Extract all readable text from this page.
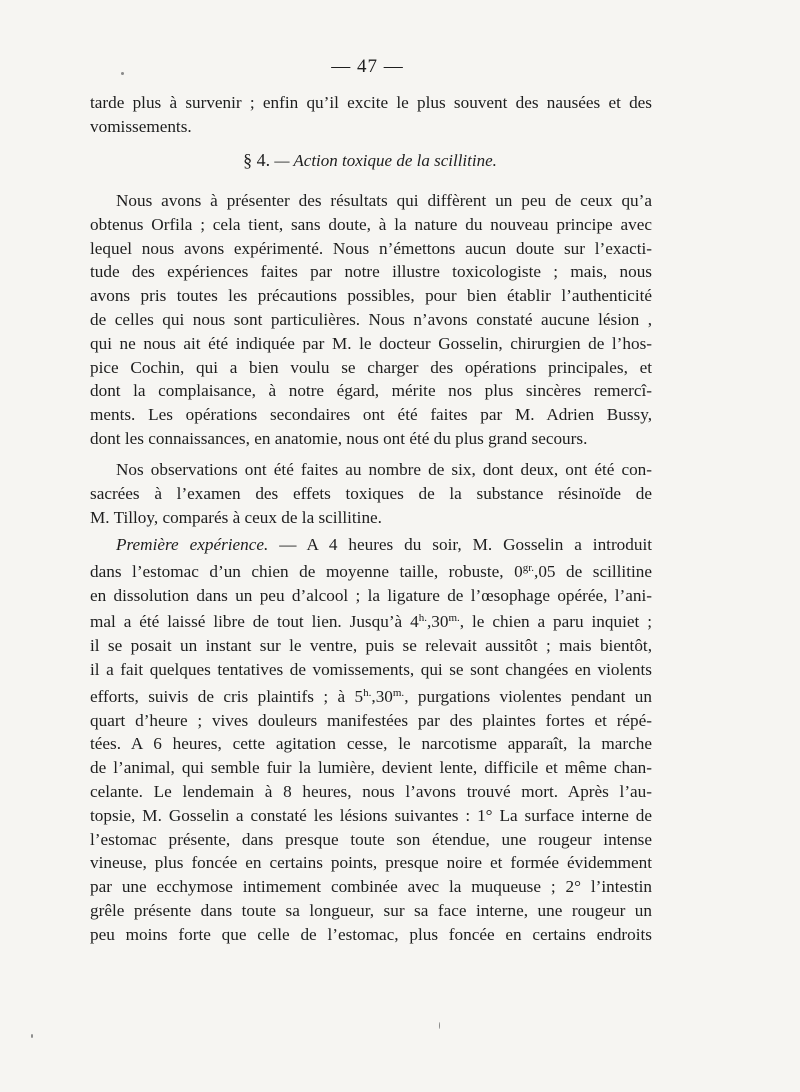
— 47 —
tarde plus à survenir ; enfin qu’il excite le plus souvent des nausées et des
vomissements.
§ 4. — Action toxique de la scillitine.
Nous avons à présenter des résultats qui diffèrent un peu de ceux qu’a
obtenus Orfila ; cela tient, sans doute, à la nature du nouveau principe avec
lequel nous avons expérimenté. Nous n’émettons aucun doute sur l’exacti-
tude des expériences faites par notre illustre toxicologiste ; mais, nous
avons pris toutes les précautions possibles, pour bien établir l’authenticité
de celles qui nous sont particulières. Nous n’avons constaté aucune lésion ,
qui ne nous ait été indiquée par M. le docteur Gosselin, chirurgien de l’hos-
pice Cochin, qui a bien voulu se charger des opérations principales, et
dont la complaisance, à notre égard, mérite nos plus sincères remercî-
ments. Les opérations secondaires ont été faites par M. Adrien Bussy,
dont les connaissances, en anatomie, nous ont été du plus grand secours.
Nos observations ont été faites au nombre de six, dont deux, ont été con-
sacrées à l’examen des effets toxiques de la substance résinoïde de
M. Tilloy, comparés à ceux de la scillitine.
Première expérience. — A 4 heures du soir, M. Gosselin a introduit
dans l’estomac d’un chien de moyenne taille, robuste, $0^{gr.},05$ de scillitine
en dissolution dans un peu d’alcool ; la ligature de l’œsophage opérée, l’ani-
mal a été laissé libre de tout lien. Jusqu’à $4^{h.},30^{m.}$, le chien a paru inquiet ;
il se posait un instant sur le ventre, puis se relevait aussitôt ; mais bientôt,
il a fait quelques tentatives de vomissements, qui se sont changées en violents
efforts, suivis de cris plaintifs ; à $5^{h.},30^{m.}$, purgations violentes pendant un
quart d’heure ; vives douleurs manifestées par des plaintes fortes et répé-
tées. A 6 heures, cette agitation cesse, le narcotisme apparaît, la marche
de l’animal, qui semble fuir la lumière, devient lente, difficile et même chan-
celante. Le lendemain à 8 heures, nous l’avons trouvé mort. Après l’au-
topsie, M. Gosselin a constaté les lésions suivantes : 1° La surface interne de
l’estomac présente, dans presque toute son étendue, une rougeur intense
vineuse, plus foncée en certains points, presque noire et formée évidemment
par une ecchymose intimement combinée avec la muqueuse ; 2° l’intestin
grêle présente dans toute sa longueur, sur sa face interne, une rougeur un
peu moins forte que celle de l’estomac, plus foncée en certains endroits
